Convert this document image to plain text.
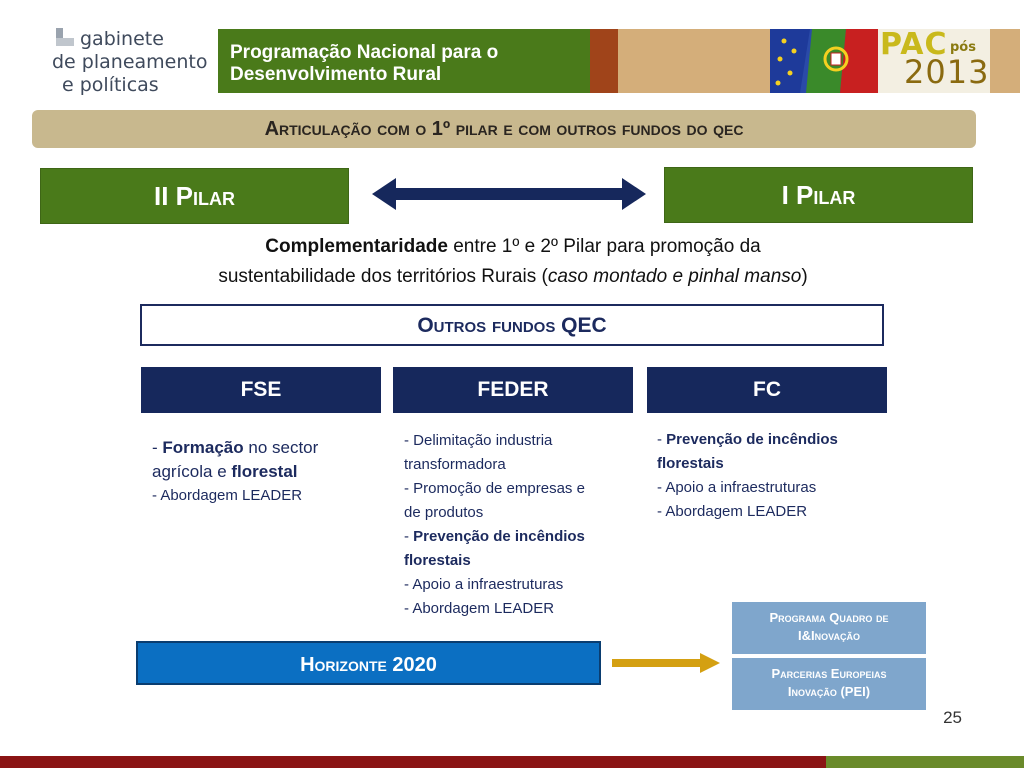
gabinete
de planeamento
e políticas
Programação Nacional para o
Desenvolvimento Rural
PAC pós
2013
Articulação com o 1º pilar e com outros fundos do qec
II Pilar	I Pilar
Complementaridade entre 1º e 2º Pilar para promoção da
sustentabilidade dos territórios Rurais (caso montado e pinhal manso)
Outros fundos QEC
FSE	FEDER	FC
- Formação no sector
agrícola e florestal
- Abordagem LEADER
- Delimitação industria
transformadora
- Promoção de empresas e
de produtos
- Prevenção de incêndios
florestais
- Apoio a infraestruturas
- Abordagem LEADER
- Prevenção de incêndios
florestais
- Apoio a infraestruturas
- Abordagem LEADER
Horizonte 2020
Programa Quadro de
I&Inovação
Parcerias Europeias
Inovação (PEI)
25
